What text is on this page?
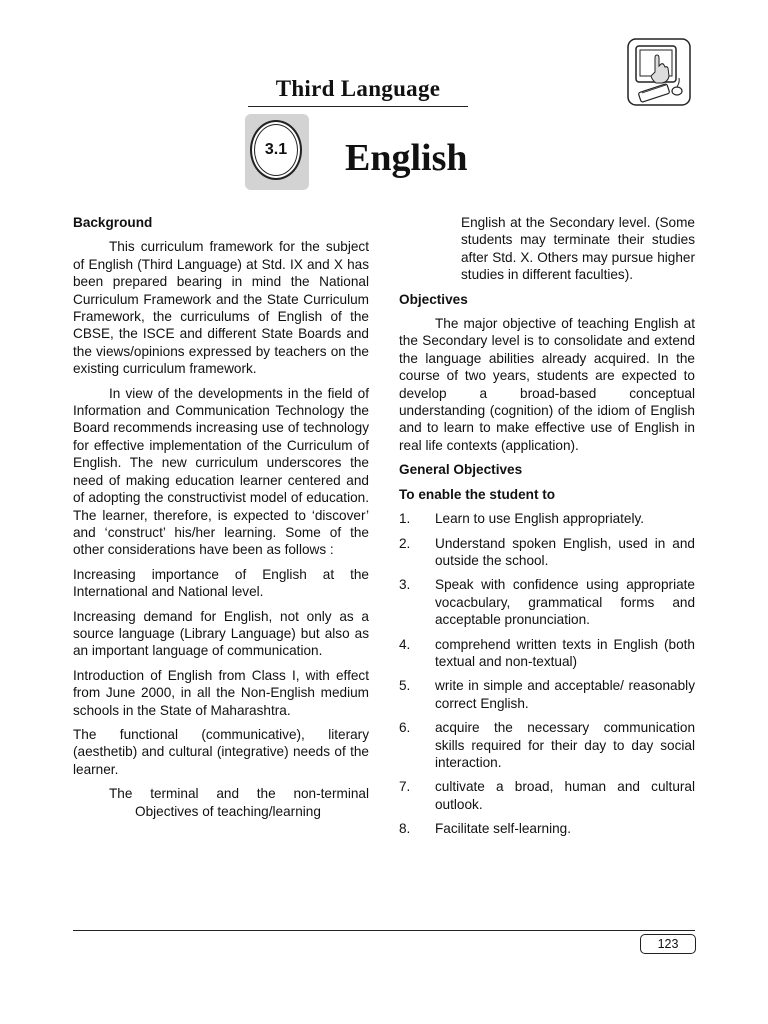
Third Language
3.1	English

Background

This curriculum framework for the subject of English (Third Language) at Std. IX and X has been prepared bearing in mind the National Curriculum Framework and the State Curriculum Framework, the curriculums of English of the CBSE, the ISCE and different State Boards and the views/opinions expressed by teachers on the existing curriculum framework.

In view of the developments in the field of Information and Communication Technology the Board recommends increasing use of technology for effective implementation of the Curriculum of English. The new curriculum underscores the need of making education learner centered and of adopting the constructivist model of education. The learner, therefore, is expected to ‘discover’ and ‘construct’ his/her learning. Some of the other considerations have been as follows :

Increasing importance of English at the International and National level.

Increasing demand for English, not only as a source language (Library Language) but also as an important language of communication.

Introduction of English from Class I, with effect from June 2000, in all the Non-English medium schools in the State of Maharashtra.

The functional (communicative), literary (aesthetib) and cultural (integrative) needs of the learner.

The terminal and the non-terminal Objectives of teaching/learning

English at the Secondary level. (Some students may terminate their studies after Std. X. Others may pursue higher studies in different faculties).

Objectives

The major objective of teaching English at the Secondary level is to consolidate and extend the language abilities already acquired. In the course of two years, students are expected to develop a broad-based conceptual understanding (cognition) of the idiom of English and to learn to make effective use of English in real life contexts (application).

General Objectives

To enable the student to

1. Learn to use English appropriately.
2. Understand spoken English, used in and outside the school.
3. Speak with confidence using appropriate vocacbulary, grammatical forms and acceptable pronunciation.
4. comprehend written texts in English (both textual and non-textual)
5. write in simple and acceptable/ reasonably correct English.
6. acquire the necessary communication skills required for their day to day social interaction.
7. cultivate a broad, human and cultural outlook.
8. Facilitate self-learning.
123
